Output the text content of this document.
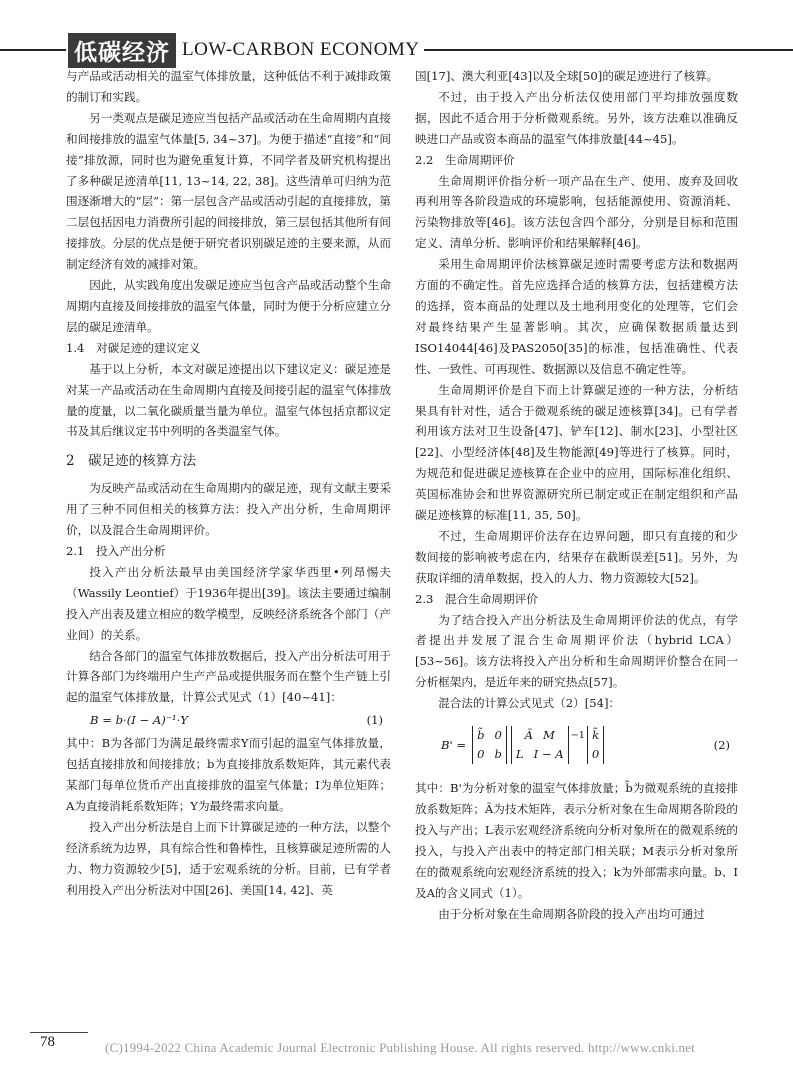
低碳经济 LOW-CARBON ECONOMY

与产品或活动相关的温室气体排放量，这种低估不利于减排政策的制订和实践。

另一类观点是碳足迹应当包括产品或活动在生命周期内直接和间接排放的温室气体量[5, 34~37]。为便于描述“直接”和“间接”排放源，同时也为避免重复计算，不同学者及研究机构提出了多种碳足迹清单[11, 13~14, 22, 38]。这些清单可归纳为范围逐渐增大的“层”：第一层包含产品或活动引起的直接排放，第二层包括因电力消费所引起的间接排放，第三层包括其他所有间接排放。分层的优点是便于研究者识别碳足迹的主要来源，从而制定经济有效的减排对策。

因此，从实践角度出发碳足迹应当包含产品或活动整个生命周期内直接及间接排放的温室气体量，同时为便于分析应建立分层的碳足迹清单。

1.4　对碳足迹的建议定义

基于以上分析，本文对碳足迹提出以下建议定义：碳足迹是对某一产品或活动在生命周期内直接及间接引起的温室气体排放量的度量，以二氧化碳质量当量为单位。温室气体包括京都议定书及其后继议定书中列明的各类温室气体。

2　碳足迹的核算方法

为反映产品或活动在生命周期内的碳足迹，现有文献主要采用了三种不同但相关的核算方法：投入产出分析，生命周期评价，以及混合生命周期评价。

2.1　投入产出分析

投入产出分析法最早由美国经济学家华西里•列昂惕夫（Wassily Leontief）于1936年提出[39]。该法主要通过编制投入产出表及建立相应的数学模型，反映经济系统各个部门（产业间）的关系。

结合各部门的温室气体排放数据后，投入产出分析法可用于计算各部门为终端用户生产产品或提供服务而在整个生产链上引起的温室气体排放量，计算公式见式（1）[40~41]：

B = b·(I − A)⁻¹·Y	(1)

其中：B为各部门为满足最终需求Y而引起的温室气体排放量，包括直接排放和间接排放；b为直接排放系数矩阵，其元素代表某部门每单位货币产出直接排放的温室气体量；I为单位矩阵；A为直接消耗系数矩阵；Y为最终需求向量。

投入产出分析法是自上而下计算碳足迹的一种方法，以整个经济系统为边界，具有综合性和鲁棒性，且核算碳足迹所需的人力、物力资源较少[5]，适于宏观系统的分析。目前，已有学者利用投入产出分析法对中国[26]、美国[14, 42]、英

国[17]、澳大利亚[43]以及全球[50]的碳足迹进行了核算。

不过，由于投入产出分析法仅使用部门平均排放强度数据，因此不适合用于分析微观系统。另外，该方法难以准确反映进口产品或资本商品的温室气体排放量[44~45]。

2.2　生命周期评价

生命周期评价指分析一项产品在生产、使用、废弃及回收再利用等各阶段造成的环境影响，包括能源使用、资源消耗、污染物排放等[46]。该方法包含四个部分，分别是目标和范围定义、清单分析、影响评价和结果解释[46]。

采用生命周期评价法核算碳足迹时需要考虑方法和数据两方面的不确定性。首先应选择合适的核算方法，包括建模方法的选择，资本商品的处理以及土地利用变化的处理等，它们会对最终结果产生显著影响。其次，应确保数据质量达到ISO14044[46]及PAS2050[35]的标准，包括准确性、代表性、一致性、可再现性、数据源以及信息不确定性等。

生命周期评价是自下而上计算碳足迹的一种方法，分析结果具有针对性，适合于微观系统的碳足迹核算[34]。已有学者利用该方法对卫生设备[47]、铲车[12]、制水[23]、小型社区[22]、小型经济体[48]及生物能源[49]等进行了核算。同时，为规范和促进碳足迹核算在企业中的应用，国际标准化组织、英国标准协会和世界资源研究所已制定或正在制定组织和产品碳足迹核算的标准[11, 35, 50]。

不过，生命周期评价法存在边界问题，即只有直接的和少数间接的影响被考虑在内，结果存在截断误差[51]。另外，为获取详细的清单数据，投入的人力、物力资源较大[52]。

2.3　混合生命周期评价

为了结合投入产出分析法及生命周期评价法的优点，有学者提出并发展了混合生命周期评价法（hybrid LCA）[53~56]。该方法将投入产出分析和生命周期评价整合在同一分析框架内，是近年来的研究热点[57]。

混合法的计算公式见式（2）[54]：

B' =
b̃ 0
0 b
Ã M
L I − A
$^{-1}$ k̃
0
(2)

其中：B'为分析对象的温室气体排放量；b̃为微观系统的直接排放系数矩阵；Ã为技术矩阵，表示分析对象在生命周期各阶段的投入与产出；L表示宏观经济系统向分析对象所在的微观系统的投入，与投入产出表中的特定部门相关联；M表示分析对象所在的微观系统向宏观经济系统的投入；k为外部需求向量。b、I及A的含义同式（1）。

由于分析对象在生命周期各阶段的投入产出均可通过

78	(C)1994-2022 China Academic Journal Electronic Publishing House. All rights reserved. http://www.cnki.net
